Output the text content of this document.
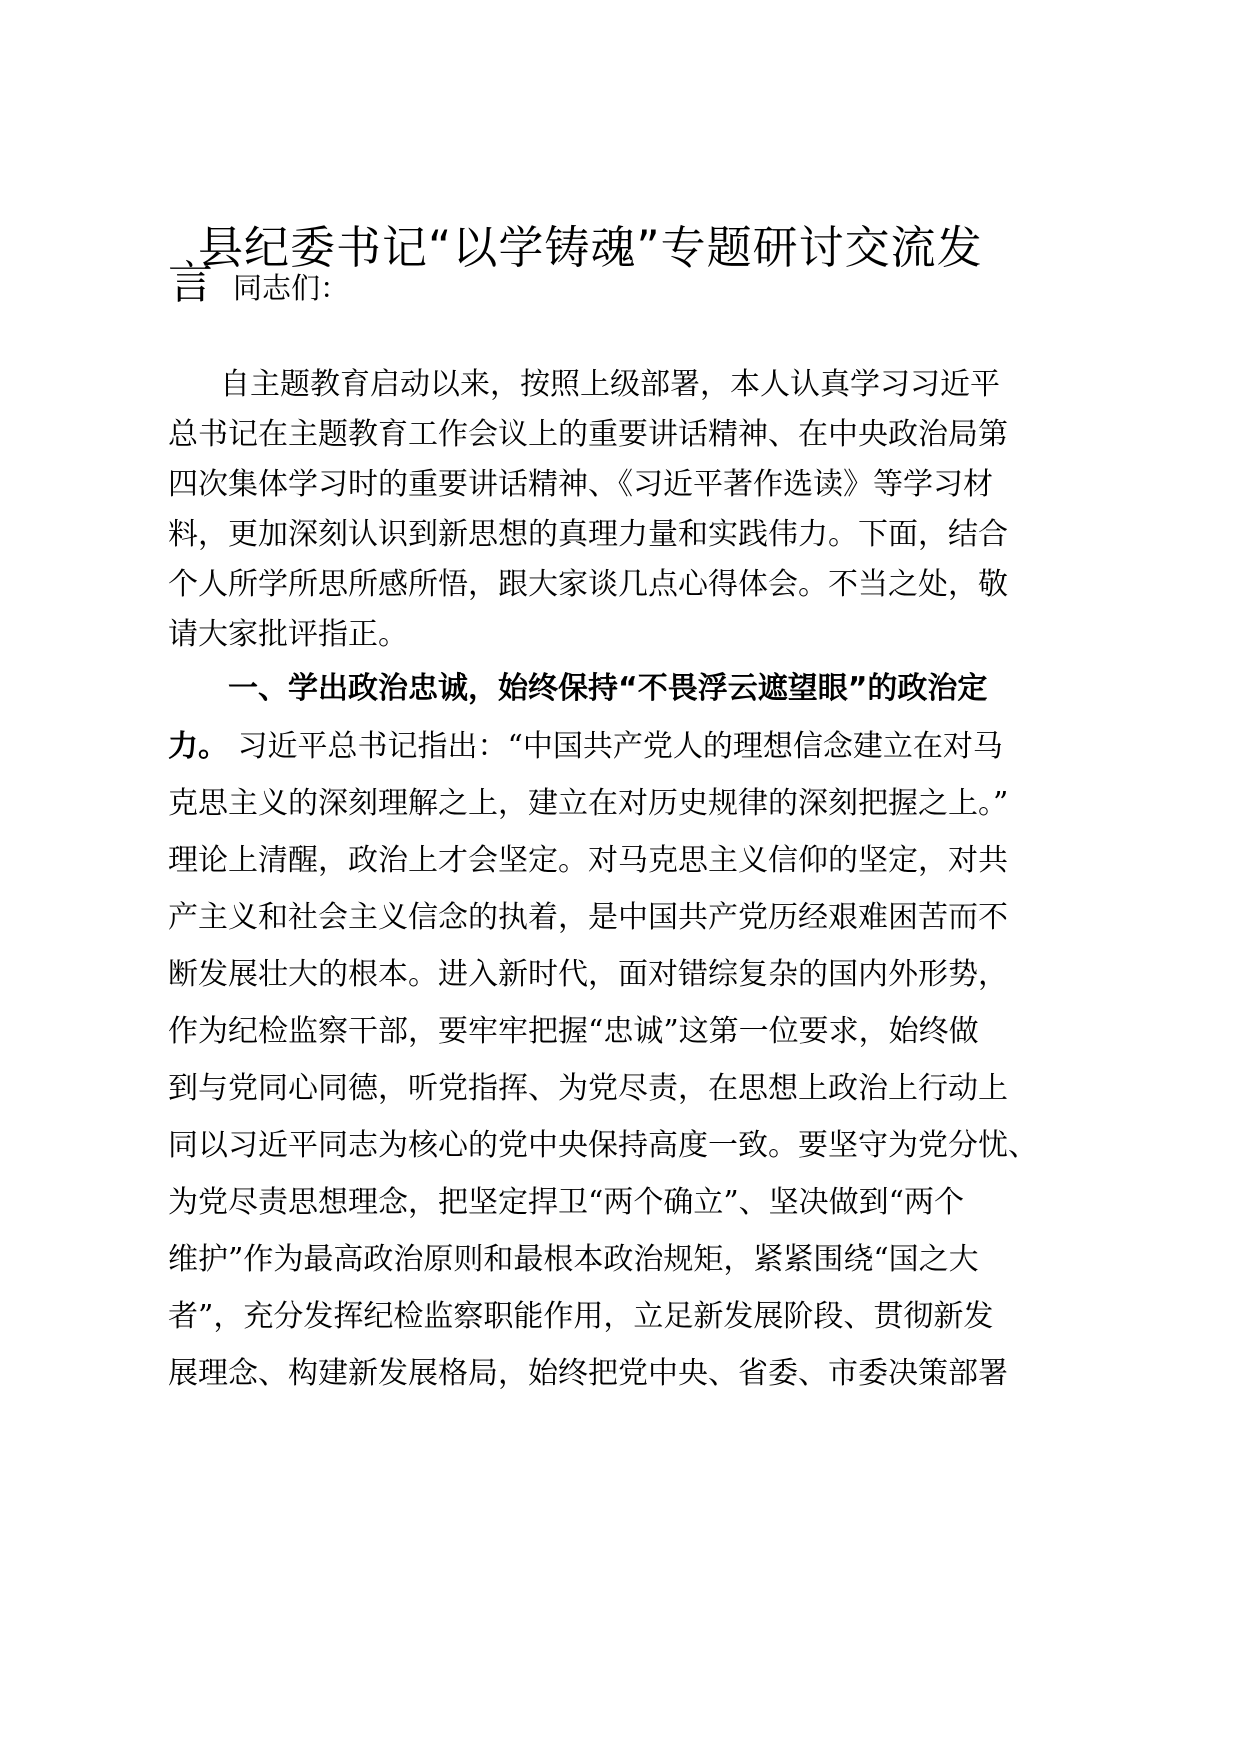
县纪委书记“以学铸魂”专题研讨交流发
言 同志们：
自主题教育启动以来，按照上级部署，本人认真学习习近平
总书记在主题教育工作会议上的重要讲话精神、在中央政治局第
四次集体学习时的重要讲话精神、《习近平著作选读》等学习材
料，更加深刻认识到新思想的真理力量和实践伟力。下面，结合
个人所学所思所感所悟，跟大家谈几点心得体会。不当之处，敬
请大家批评指正。
一、学出政治忠诚，始终保持“不畏浮云遮望眼”的政治定
力。 习近平总书记指出：“中国共产党人的理想信念建立在对马
克思主义的深刻理解之上，建立在对历史规律的深刻把握之上。”
理论上清醒，政治上才会坚定。对马克思主义信仰的坚定，对共
产主义和社会主义信念的执着，是中国共产党历经艰难困苦而不
断发展壮大的根本。进入新时代，面对错综复杂的国内外形势，
作为纪检监察干部，要牢牢把握“忠诚”这第一位要求，始终做
到与党同心同德，听党指挥、为党尽责，在思想上政治上行动上
同以习近平同志为核心的党中央保持高度一致。要坚守为党分忧、
为党尽责思想理念，把坚定捍卫“两个确立”、坚决做到“两个
维护”作为最高政治原则和最根本政治规矩，紧紧围绕“国之大
者”，充分发挥纪检监察职能作用，立足新发展阶段、贯彻新发
展理念、构建新发展格局，始终把党中央、省委、市委决策部署
